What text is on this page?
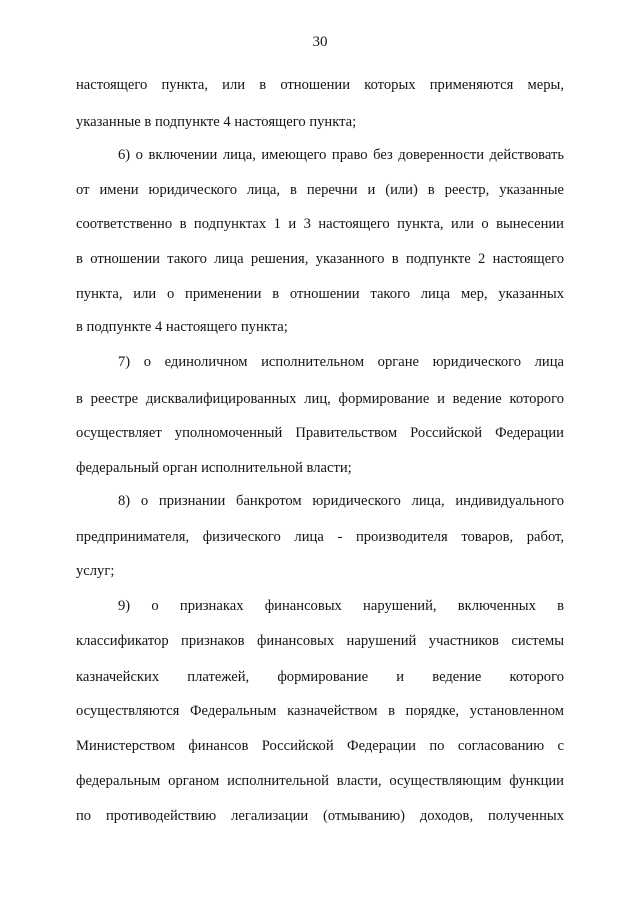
30
настоящего пункта, или в отношении которых применяются меры,
указанные в подпункте 4 настоящего пункта;
6) о включении лица, имеющего право без доверенности действовать
от имени юридического лица, в перечни и (или) в реестр, указанные
соответственно в подпунктах 1 и 3 настоящего пункта, или о вынесении
в отношении такого лица решения, указанного в подпункте 2 настоящего
пункта, или о применении в отношении такого лица мер, указанных
в подпункте 4 настоящего пункта;
7) о единоличном исполнительном органе юридического лица
в реестре дисквалифицированных лиц, формирование и ведение которого
осуществляет уполномоченный Правительством Российской Федерации
федеральный орган исполнительной власти;
8) о признании банкротом юридического лица, индивидуального
предпринимателя, физического лица - производителя товаров, работ,
услуг;
9) о признаках финансовых нарушений, включенных в
классификатор признаков финансовых нарушений участников системы
казначейских платежей, формирование и ведение которого
осуществляются Федеральным казначейством в порядке, установленном
Министерством финансов Российской Федерации по согласованию с
федеральным органом исполнительной власти, осуществляющим функции
по противодействию легализации (отмыванию) доходов, полученных
